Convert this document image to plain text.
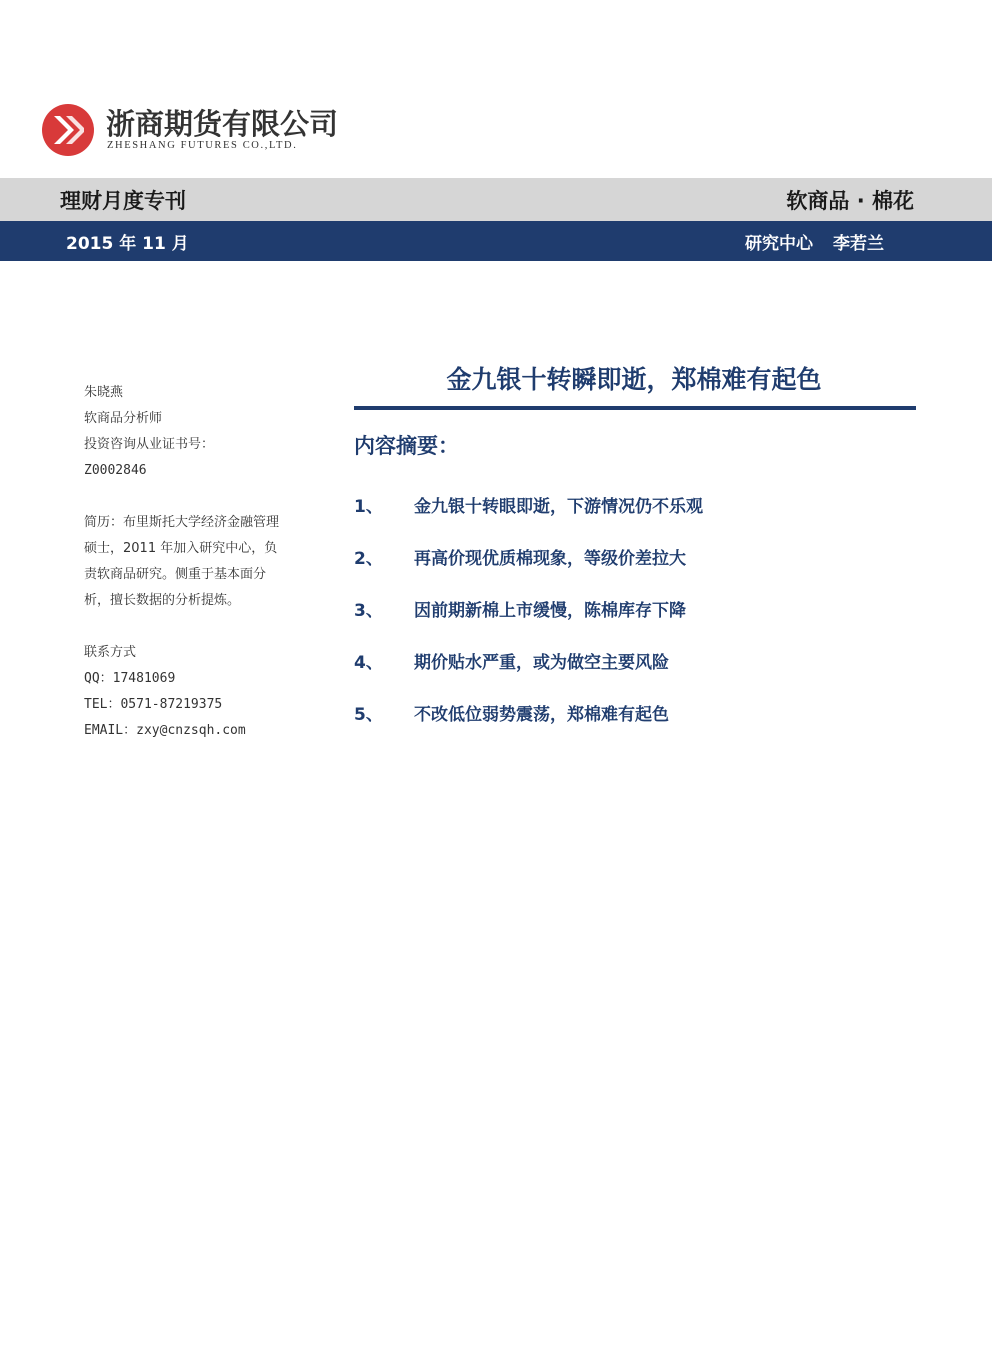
浙商期货有限公司
ZHESHANG FUTURES CO.,LTD.
理财月度专刊	软商品 · 棉花
2015 年 11 月	研究中心 李若兰
朱晓燕
软商品分析师
投资咨询从业证书号：
Z0002846
简历：布里斯托大学经济金融管理硕士，2011 年加入研究中心，负责软商品研究。侧重于基本面分析，擅长数据的分析提炼。
联系方式
QQ：17481069
TEL：0571-87219375
EMAIL：zxy@cnzsqh.com
金九银十转瞬即逝，郑棉难有起色
内容摘要：
1、 金九银十转眼即逝，下游情况仍不乐观
2、 再高价现优质棉现象，等级价差拉大
3、 因前期新棉上市缓慢，陈棉库存下降
4、 期价贴水严重，或为做空主要风险
5、 不改低位弱势震荡，郑棉难有起色
